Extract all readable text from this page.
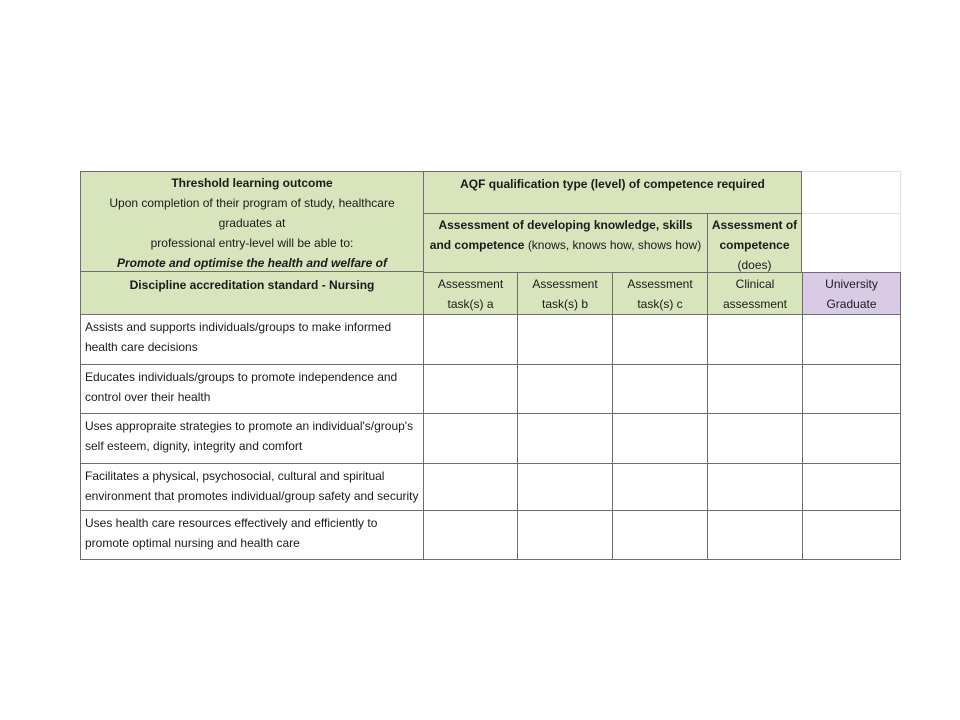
Threshold learning outcome
Upon completion of their program of study, healthcare graduates at
professional entry-level will be able to:
Promote and optimise the health and welfare of
AQF qualification type (level) of competence required
Assessment of developing knowledge, skills and competence (knows, knows how, shows how)
Assessment of competence (does)
Discipline accreditation standard - Nursing	Assessment task(s) a
Assessment task(s) b
Assessment task(s) c
Clinical assessment
University Graduate
Assists and supports individuals/groups to make informed health care decisions
Educates individuals/groups to promote independence and control over their health
Uses appropraite strategies to promote an individual's/group's self esteem, dignity, integrity and comfort
Facilitates a physical, psychosocial, cultural and spiritual environment that promotes individual/group safety and security
Uses health care resources effectively and efficiently to promote optimal nursing and health care
